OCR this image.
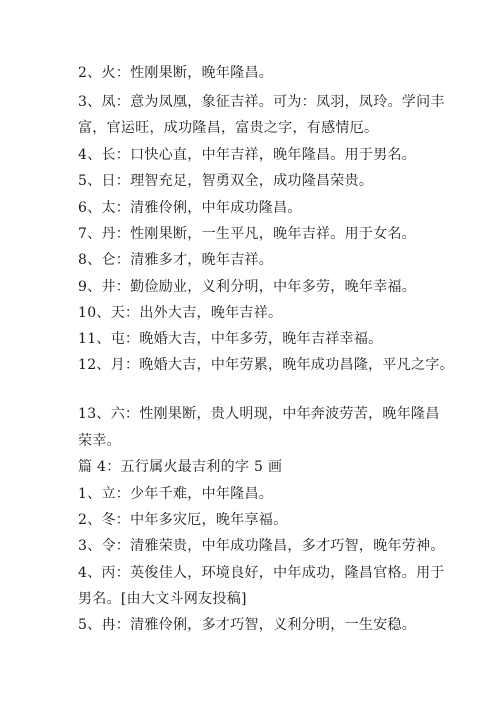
2、火：性刚果断，晚年隆昌。
3、凤：意为凤凰，象征吉祥。可为：凤羽，凤玲。学问丰
富，官运旺，成功隆昌，富贵之字，有感情厄。
4、长：口快心直，中年吉祥，晚年隆昌。用于男名。
5、日：理智充足，智勇双全，成功隆昌荣贵。
6、太：清雅伶俐，中年成功隆昌。
7、丹：性刚果断，一生平凡，晚年吉祥。用于女名。
8、仑：清雅多才，晚年吉祥。
9、井：勤俭励业，义利分明，中年多劳，晚年幸福。
10、天：出外大吉，晚年吉祥。
11、屯：晚婚大吉，中年多劳，晚年吉祥幸福。
12、月：晚婚大吉，中年劳累，晚年成功昌隆，平凡之字。
13、六：性刚果断，贵人明现，中年奔波劳苦，晚年隆昌
荣幸。
篇 4：五行属火最吉利的字 5 画
1、立：少年千难，中年隆昌。
2、冬：中年多灾厄，晚年享福。
3、令：清雅荣贵，中年成功隆昌，多才巧智，晚年劳神。
4、丙：英俊佳人，环境良好，中年成功，隆昌官格。用于
男名。[由大文斗网友投稿]
5、冉：清雅伶俐，多才巧智，义利分明，一生安稳。
